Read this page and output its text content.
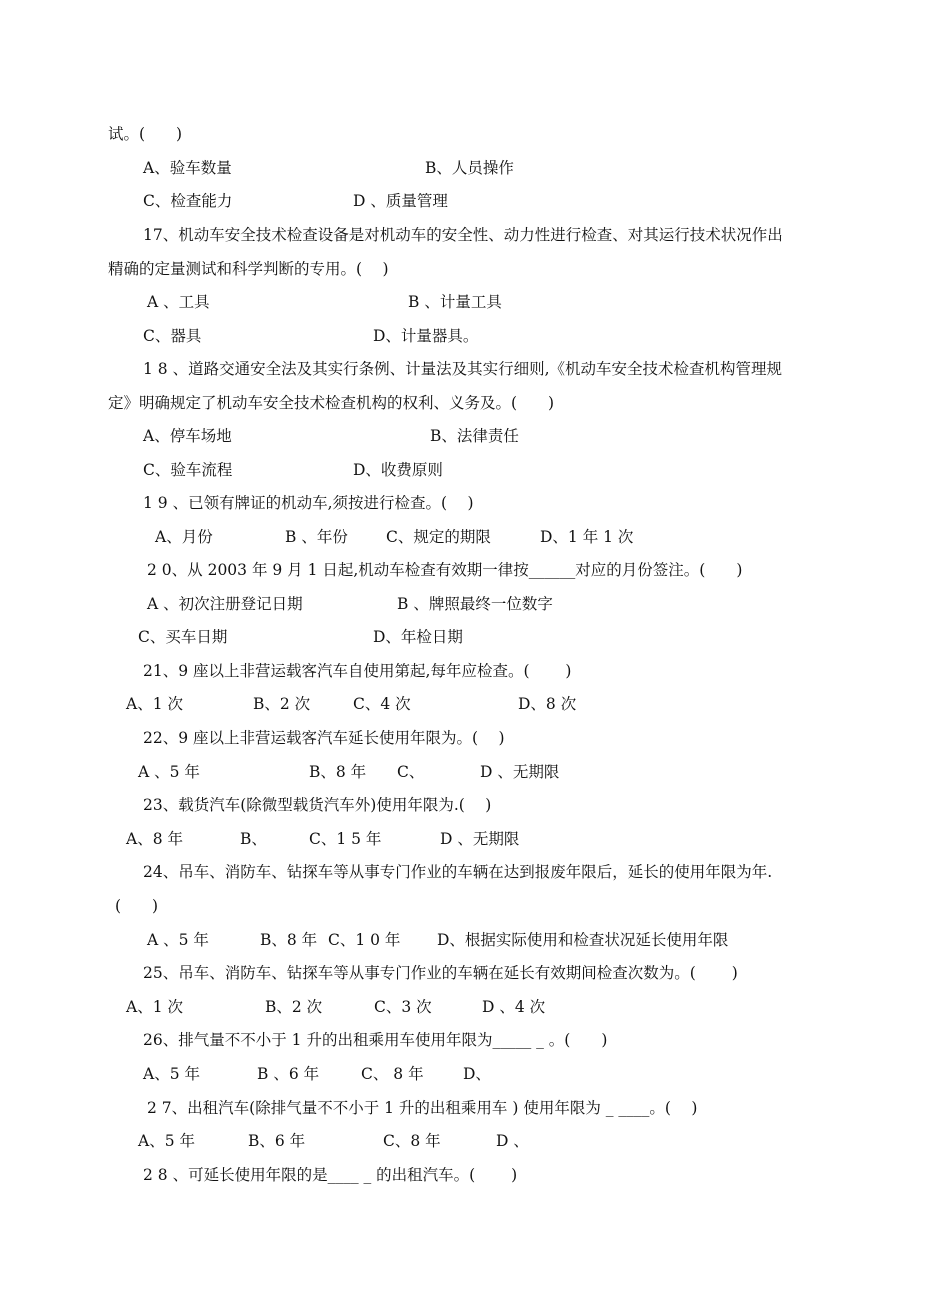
试。(　　)
A、验车数量	B、人员操作
C、检查能力	D 、质量管理
17、机动车安全技术检查设备是对机动车的安全性、动力性进行检查、对其运行技术状况作出
精确的定量测试和科学判断的专用。(　 )
A 、工具	B 、计量工具
C、器具	D、计量器具。
1 8 、道路交通安全法及其实行条例、计量法及其实行细则,《机动车安全技术检查机构管理规
定》明确规定了机动车安全技术检查机构的权利、义务及。(　　)
A、停车场地	B、法律责任
C、验车流程	D、收费原则
1 9 、已领有牌证的机动车,须按进行检查。(　 )
A、月份	B 、年份 C、规定的期限	D、1 年 1 次
2 0、从 2003 年 9 月 1 日起,机动车检查有效期一律按______对应的月份签注。(　　)
A 、初次注册登记日期	B 、牌照最终一位数字
C、买车日期	D、年检日期
21、9 座以上非营运载客汽车自使用第起,每年应检查。(　　 )
A、1 次	B、2 次	C、4 次	D、8 次
22、9 座以上非营运载客汽车延长使用年限为。(　 )
A 、5 年	B、8 年 C、	D 、无期限
23、载货汽车(除微型载货汽车外)使用年限为.(　 )
A、8 年	B、	C、1 5 年	D 、无期限
24、吊车、消防车、钻探车等从事专门作业的车辆在达到报废年限后，延长的使用年限为年.
(　　)
A 、5 年	B、8 年 C、1 0 年 D、根据实际使用和检查状况延长使用年限
25、吊车、消防车、钻探车等从事专门作业的车辆在延长有效期间检查次数为。(　　 )
A、1 次	B、2 次	C、3 次	D 、4 次
26、排气量不不小于 1 升的出租乘用车使用年限为_____ _ 。(　　)
A、5 年	B 、6 年	C、 8 年	D、
2 7、出租汽车(除排气量不不小于 1 升的出租乘用车 ) 使用年限为 _ ____。(　 )
A、5 年	B、6 年	C、8 年	D 、
2 8 、可延长使用年限的是____ _ 的出租汽车。(　　 )
